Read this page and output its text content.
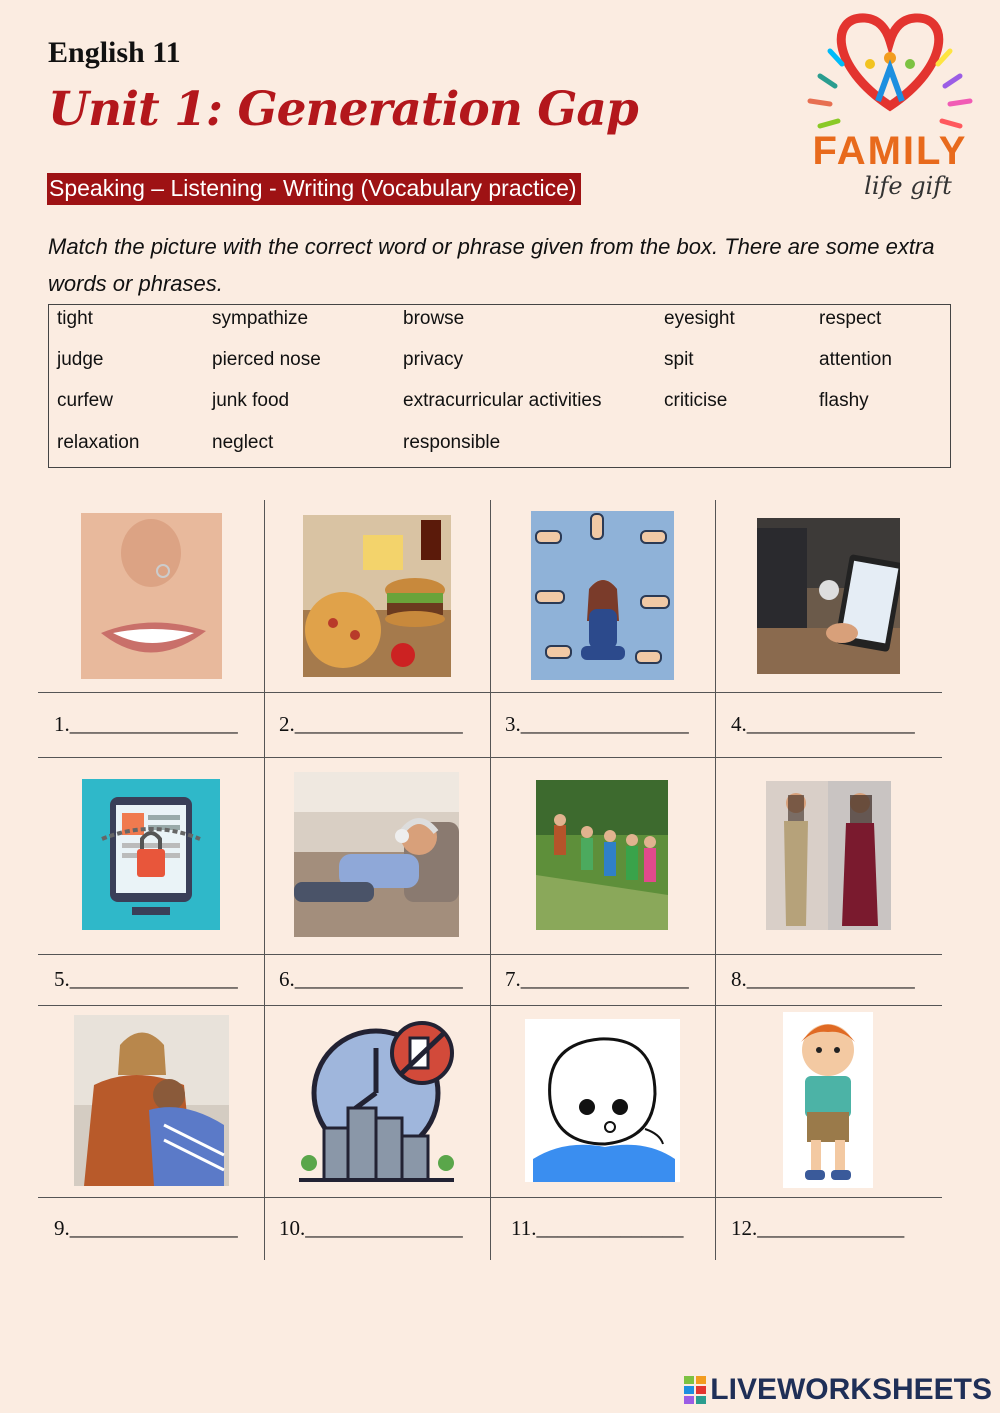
English 11
Unit 1: Generation Gap
Speaking – Listening - Writing (Vocabulary practice)
Match the picture with the correct word or phrase given from the box. There are some extra words or phrases.
FAMILY
life gift
tight	sympathize	browse	eyesight	respect
judge	pierced nose	privacy	spit	attention
curfew	junk food	extracurricular activities	criticise	flashy
relaxation	neglect	responsible
1.________________ 2.________________ 3.________________ 4.________________
5.________________ 6.________________ 7.________________ 8.________________
9.________________ 10._______________ 11.______________ 12.______________
LIVEWORKSHEETS
